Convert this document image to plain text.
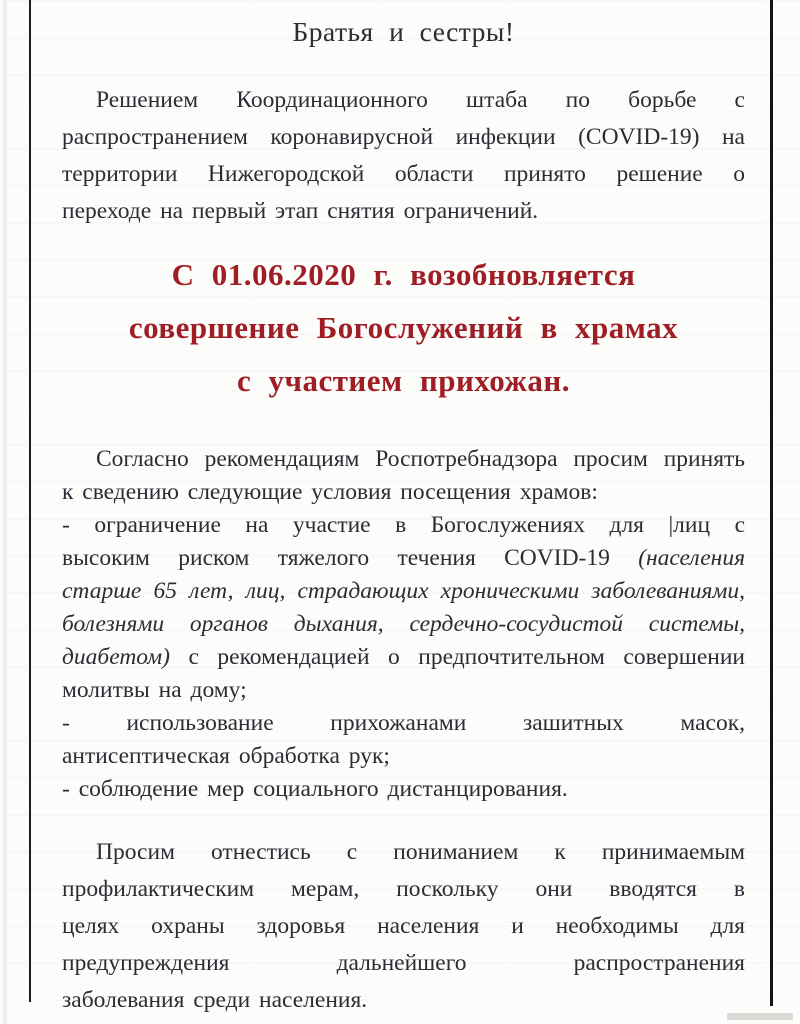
Братья и сестры!
Решением Координационного штаба по борьбе с
распространением коронавирусной инфекции (COVID-19) на
территории Нижегородской области принято решение о
переходе на первый этап снятия ограничений.
С 01.06.2020 г. возобновляется
совершение Богослужений в храмах
с участием прихожан.
Согласно рекомендациям Роспотребнадзора просим принять
к сведению следующие условия посещения храмов:
- ограничение на участие в Богослужениях для |лиц с
высоким риском тяжелого течения COVID-19 (населения
старше 65 лет, лиц, страдающих хроническими заболеваниями,
болезнями органов дыхания, сердечно-сосудистой системы,
диабетом) с рекомендацией о предпочтительном совершении
молитвы на дому;
- использование прихожанами зашитных масок,
антисептическая обработка рук;
- соблюдение мер социального дистанцирования.
Просим отнестись с пониманием к принимаемым
профилактическим мерам, поскольку они вводятся в
целях охраны здоровья населения и необходимы для
предупреждения дальнейшего распространения
заболевания среди населения.
